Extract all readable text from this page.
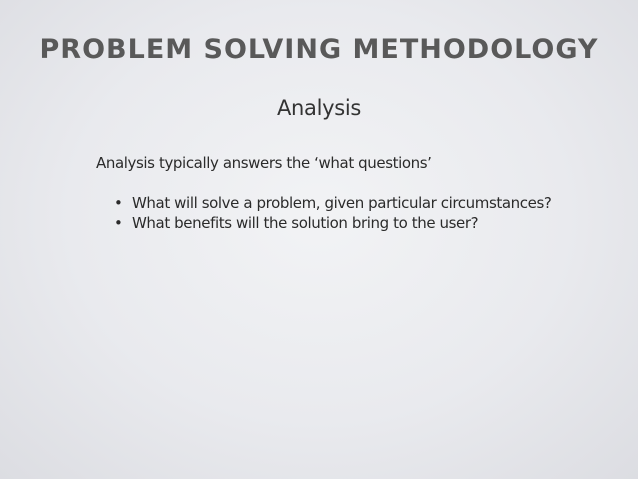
PROBLEM SOLVING METHODOLOGY
Analysis
Analysis typically answers the ‘what questions’
• What will solve a problem, given particular circumstances?
• What benefits will the solution bring to the user?
